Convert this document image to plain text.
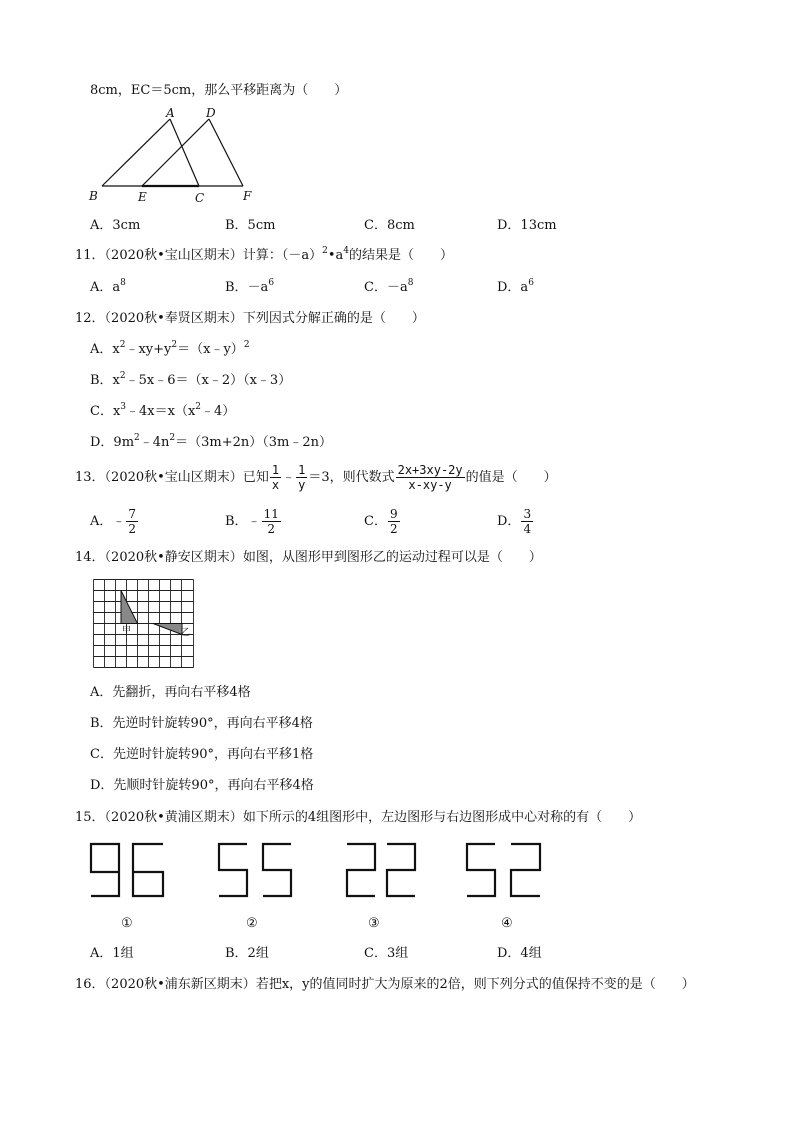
8cm，EC＝5cm，那么平移距离为（　　）
A	D
B	E	C	F
A．3cm	B．5cm	C．8cm	D．13cm
11．（2020秋•宝山区期末）计算：$(-a)^2•a^4$的结果是（　　）
A．$a^8$	B．$-a^6$	C．$-a^8$	D．$a^6$
12．（2020秋•奉贤区期末）下列因式分解正确的是（　　）
A．$x^2﹣xy+y^2=(x﹣y)^2$
B．$x^2﹣5x﹣6=(x﹣2)(x﹣3)$
C．$x^3﹣4x=x(x^2﹣4)$
D．$9m^2﹣4n^2=(3m+2n)(3m﹣2n)$
13．（2020秋•宝山区期末）已知 $\frac{1}{x}$ ﹣ $\frac{1}{y} =3$，则代数式 $\frac{2x+3xy-2y}{x-xy-y}$ 的值是（　　）
A．﹣ $\frac{7}{2}$	B．﹣ $\frac{11}{2}$	C． $\frac{9}{2}$	D． $\frac{3}{4}$
14．（2020秋•静安区期末）如图，从图形甲到图形乙的运动过程可以是（　　）
甲	乙
A．先翻折，再向右平移4格
B．先逆时针旋转90°，再向右平移4格
C．先逆时针旋转90°，再向右平移1格
D．先顺时针旋转90°，再向右平移4格
15．（2020秋•黄浦区期末）如下所示的4组图形中，左边图形与右边图形成中心对称的有（　　）
①	②	③	④
A．1组	B．2组	C．3组	D．4组
16．（2020秋•浦东新区期末）若把x，y的值同时扩大为原来的2倍，则下列分式的值保持不变的是（　　）
